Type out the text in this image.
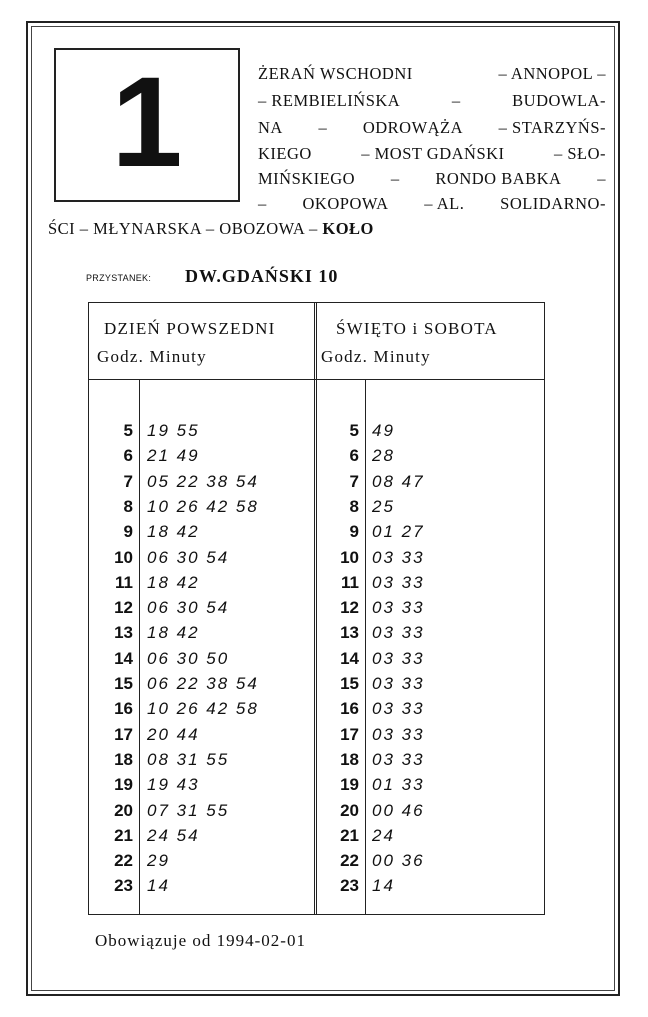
1	ŻERAŃ WSCHODNI	– ANNOPOL –
– REMBIELIŃSKA	–	BUDOWLA-
NA – ODROWĄŻA – STARZYŃS-
KIEGO	– MOST GDAŃSKI	– SŁO-
MIŃSKIEGO – RONDO BABKA –
– OKOPOWA – AL. SOLIDARNO-
ŚCI – MŁYNARSKA – OBOZOWA – KOŁO
PRZYSTANEK: DW.GDAŃSKI 10
DZIEŃ POWSZEDNI
Godz. Minuty
ŚWIĘTO i SOBOTA
Godz. Minuty
5 19 55
6 21 49
7 05 22 38 54
8 10 26 42 58
9 18 42
10 06 30 54
11 18 42
12 06 30 54
13 18 42
14 06 30 50
15 06 22 38 54
16 10 26 42 58
17 20 44
18 08 31 55
19 19 43
20 07 31 55
21 24 54
22 29
23 14
5 49
6 28
7 08 47
8 25
9 01 27
10 03 33
11 03 33
12 03 33
13 03 33
14 03 33
15 03 33
16 03 33
17 03 33
18 03 33
19 01 33
20 00 46
21 24
22 00 36
23 14
Obowiązuje od 1994-02-01
